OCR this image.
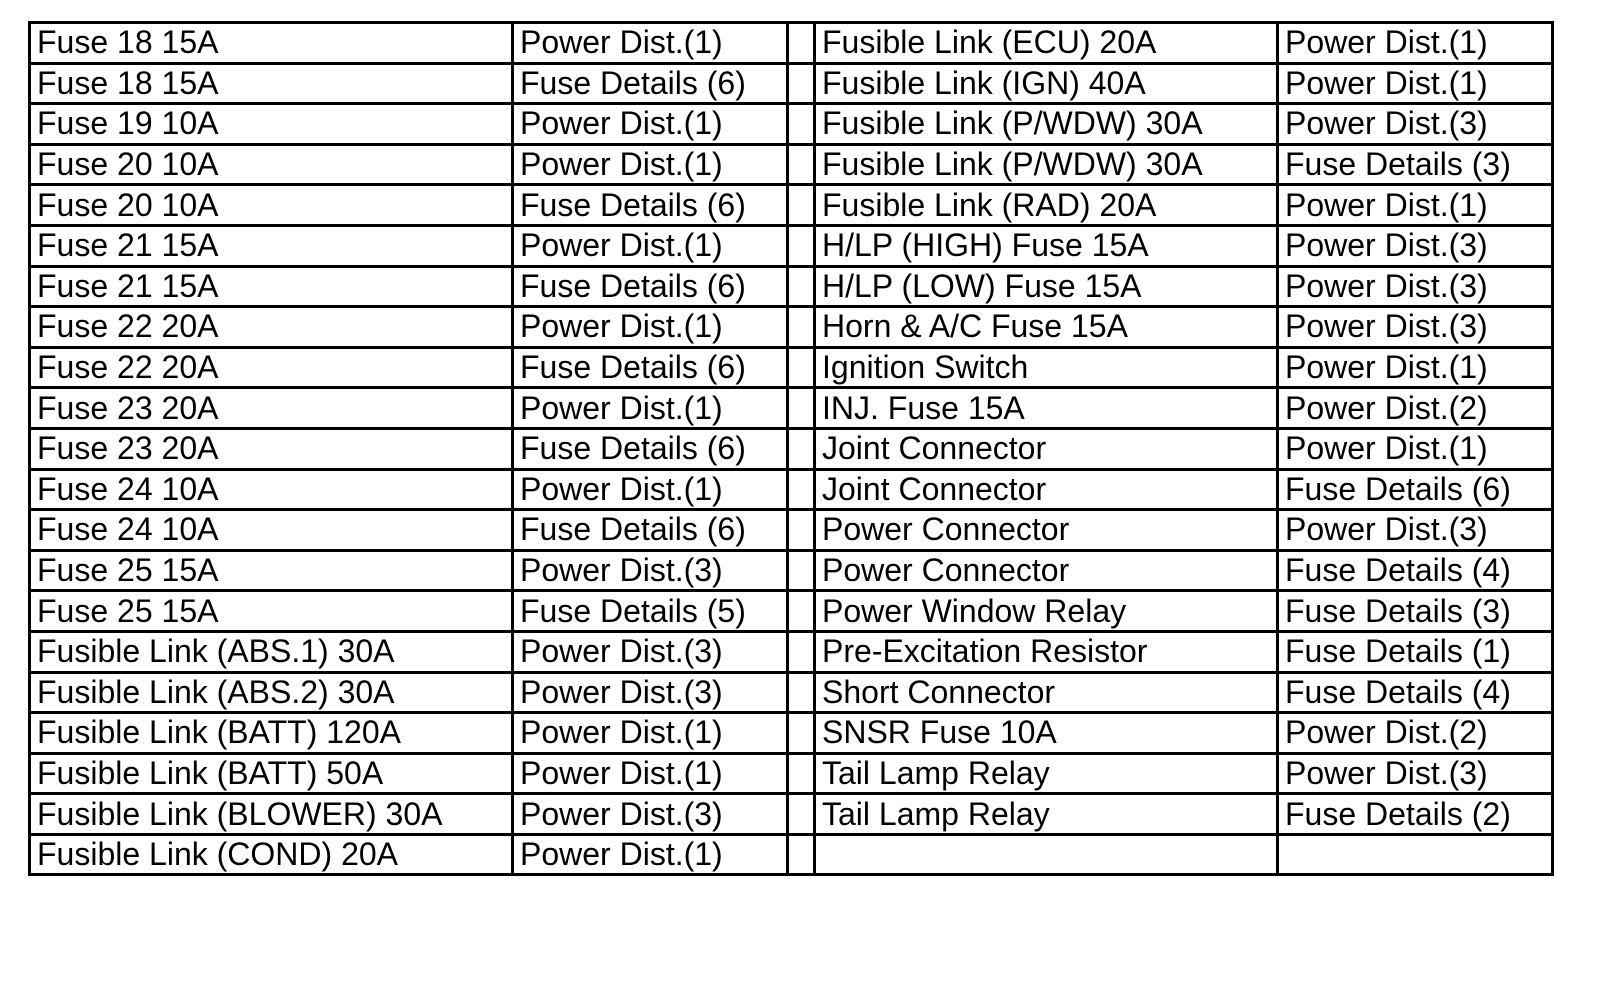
Fuse 18 15A	Power Dist.(1)		Fusible Link (ECU) 20A	Power Dist.(1)
Fuse 18 15A	Fuse Details (6)		Fusible Link (IGN) 40A	Power Dist.(1)
Fuse 19 10A	Power Dist.(1)		Fusible Link (P/WDW) 30A	Power Dist.(3)
Fuse 20 10A	Power Dist.(1)		Fusible Link (P/WDW) 30A	Fuse Details (3)
Fuse 20 10A	Fuse Details (6)		Fusible Link (RAD) 20A	Power Dist.(1)
Fuse 21 15A	Power Dist.(1)		H/LP (HIGH) Fuse 15A	Power Dist.(3)
Fuse 21 15A	Fuse Details (6)		H/LP (LOW) Fuse 15A	Power Dist.(3)
Fuse 22 20A	Power Dist.(1)		Horn & A/C Fuse 15A	Power Dist.(3)
Fuse 22 20A	Fuse Details (6)		Ignition Switch	Power Dist.(1)
Fuse 23 20A	Power Dist.(1)		INJ. Fuse 15A	Power Dist.(2)
Fuse 23 20A	Fuse Details (6)		Joint Connector	Power Dist.(1)
Fuse 24 10A	Power Dist.(1)		Joint Connector	Fuse Details (6)
Fuse 24 10A	Fuse Details (6)		Power Connector	Power Dist.(3)
Fuse 25 15A	Power Dist.(3)		Power Connector	Fuse Details (4)
Fuse 25 15A	Fuse Details (5)		Power Window Relay	Fuse Details (3)
Fusible Link (ABS.1) 30A	Power Dist.(3)		Pre-Excitation Resistor	Fuse Details (1)
Fusible Link (ABS.2) 30A	Power Dist.(3)		Short Connector	Fuse Details (4)
Fusible Link (BATT) 120A	Power Dist.(1)		SNSR Fuse 10A	Power Dist.(2)
Fusible Link (BATT) 50A	Power Dist.(1)		Tail Lamp Relay	Power Dist.(3)
Fusible Link (BLOWER) 30A	Power Dist.(3)		Tail Lamp Relay	Fuse Details (2)
Fusible Link (COND) 20A	Power Dist.(1)			
